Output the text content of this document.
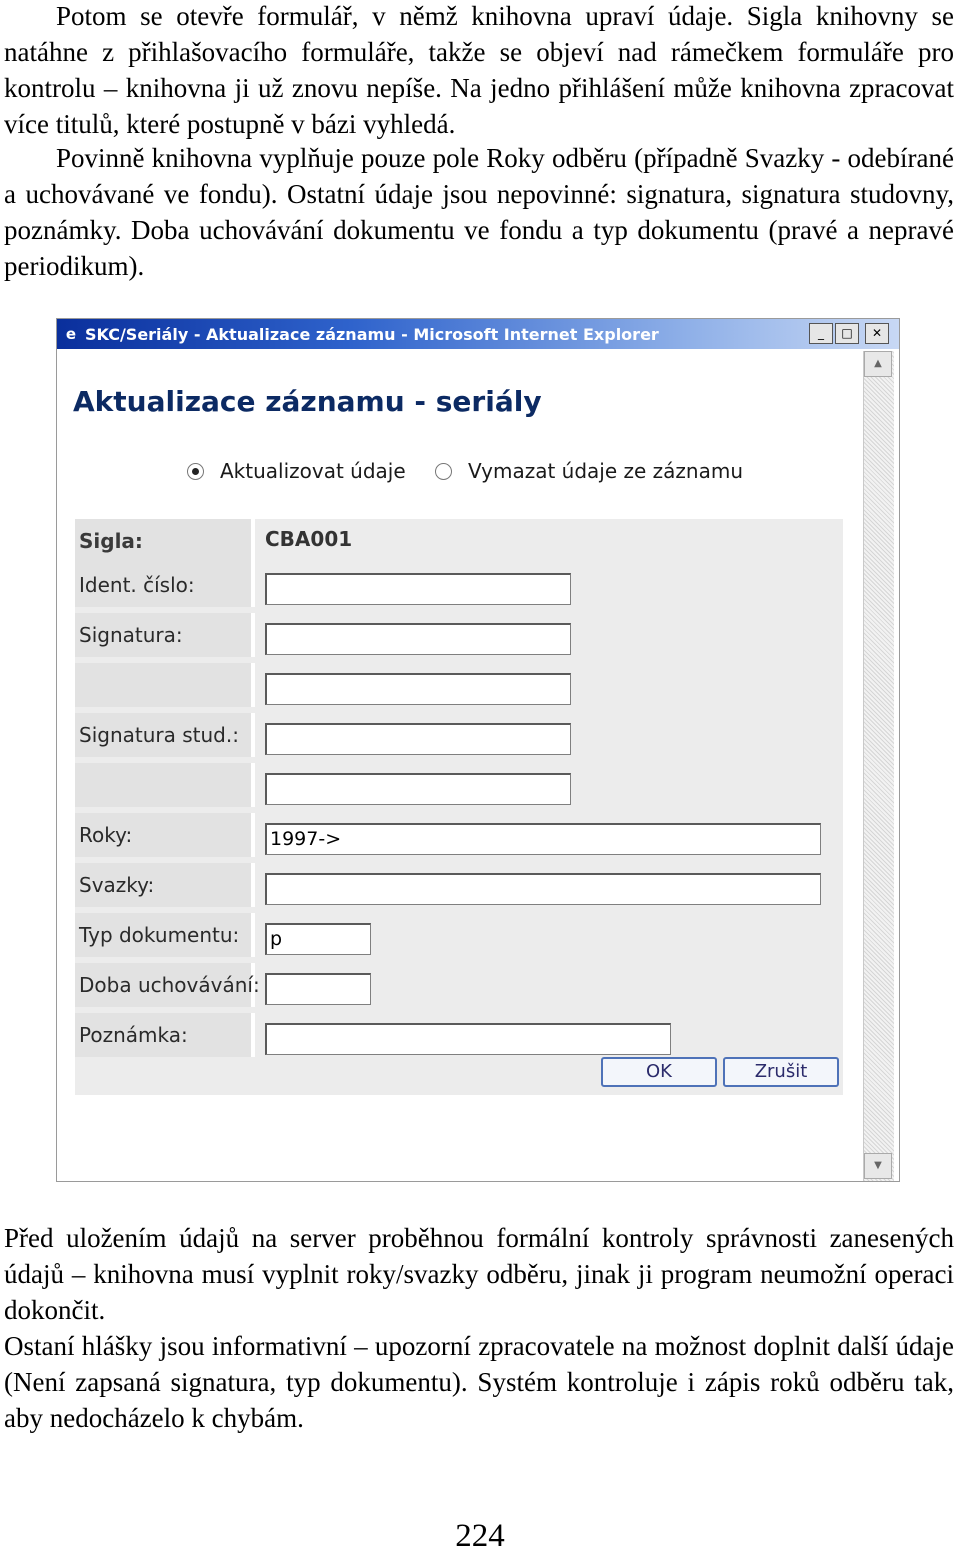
Potom se otevře formulář, v němž knihovna upraví údaje. Sigla knihovny se natáhne z přihlašovacího formuláře, takže se objeví nad rámečkem formuláře pro kontrolu – knihovna ji už znovu nepíše. Na jedno přihlášení může knihovna zpracovat více titulů, které postupně v bázi vyhledá.

Povinně knihovna vyplňuje pouze pole Roky odběru (případně Svazky - odebírané a uchovávané ve fondu). Ostatní údaje jsou nepovinné: signatura, signatura studovny, poznámky. Doba uchovávání dokumentu ve fondu a typ dokumentu (pravé a nepravé periodikum).

e SKC/Seriály - Aktualizace záznamu - Microsoft Internet Explorer	_	□	✕
▲
▼
Aktualizace záznamu - seriály
Aktualizovat údaje	Vymazat údaje ze záznamu
Sigla:	CBA001
Ident. číslo:
Signatura:
Signatura stud.:
Roky:	1997->
Svazky:
Typ dokumentu:	p
Doba uchovávání:
Poznámka:
OK	Zrušit

Před uložením údajů na server proběhnou formální kontroly správnosti zanesených údajů – knihovna musí vyplnit roky/svazky odběru, jinak ji program neumožní operaci dokončit.

Ostaní hlášky jsou informativní – upozorní zpracovatele na možnost doplnit další údaje (Není zapsaná signatura, typ dokumentu). Systém kontroluje i zápis roků odběru tak, aby nedocházelo k chybám.

224
